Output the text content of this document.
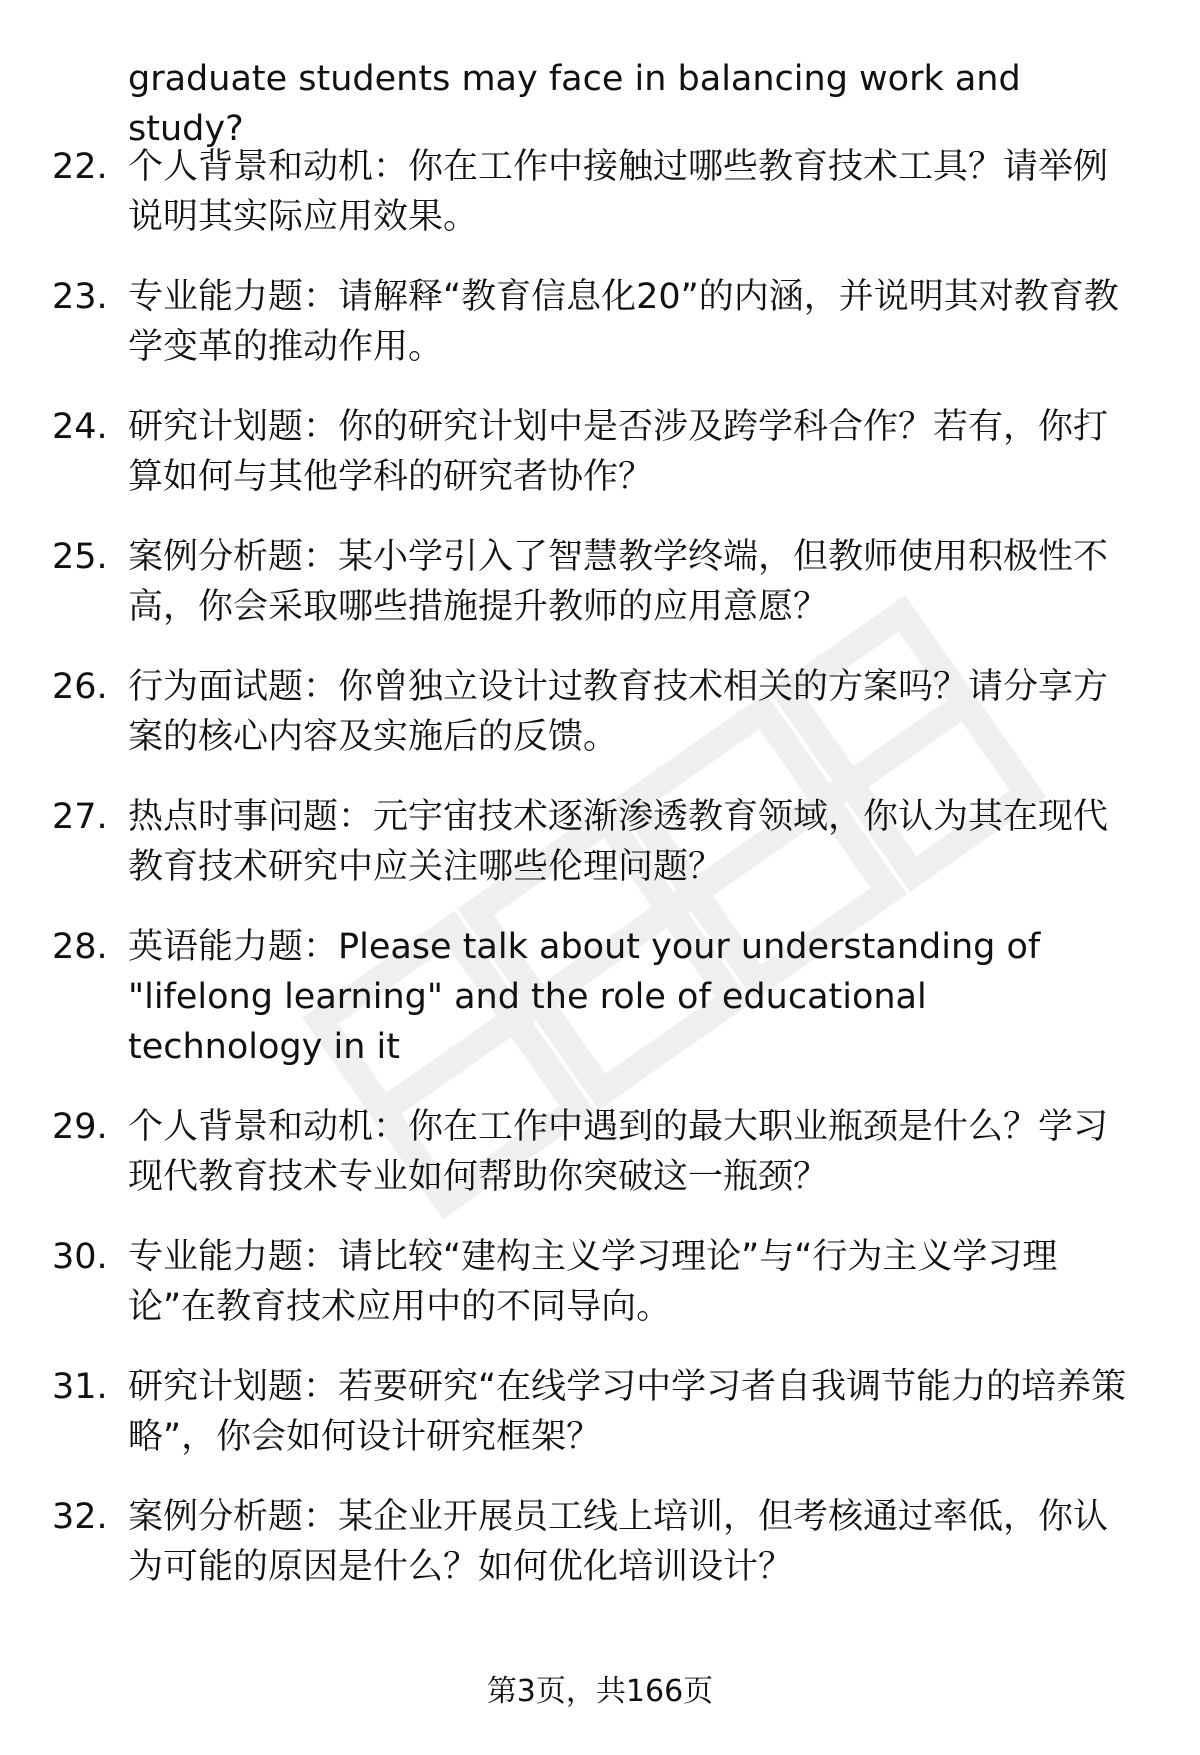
graduate students may face in balancing work and study?

22. 个人背景和动机：你在工作中接触过哪些教育技术工具？请举例说明其实际应用效果。
23. 专业能力题：请解释“教育信息化20”的内涵，并说明其对教育教学变革的推动作用。
24. 研究计划题：你的研究计划中是否涉及跨学科合作？若有，你打算如何与其他学科的研究者协作？
25. 案例分析题：某小学引入了智慧教学终端，但教师使用积极性不高，你会采取哪些措施提升教师的应用意愿？
26. 行为面试题：你曾独立设计过教育技术相关的方案吗？请分享方案的核心内容及实施后的反馈。
27. 热点时事问题：元宇宙技术逐渐渗透教育领域，你认为其在现代教育技术研究中应关注哪些伦理问题？
28. 英语能力题：Please talk about your understanding of "lifelong learning" and the role of educational technology in it
29. 个人背景和动机：你在工作中遇到的最大职业瓶颈是什么？学习现代教育技术专业如何帮助你突破这一瓶颈？
30. 专业能力题：请比较“建构主义学习理论”与“行为主义学习理论”在教育技术应用中的不同导向。
31. 研究计划题：若要研究“在线学习中学习者自我调节能力的培养策略”，你会如何设计研究框架？
32. 案例分析题：某企业开展员工线上培训，但考核通过率低，你认为可能的原因是什么？如何优化培训设计？
第3页，共166页
